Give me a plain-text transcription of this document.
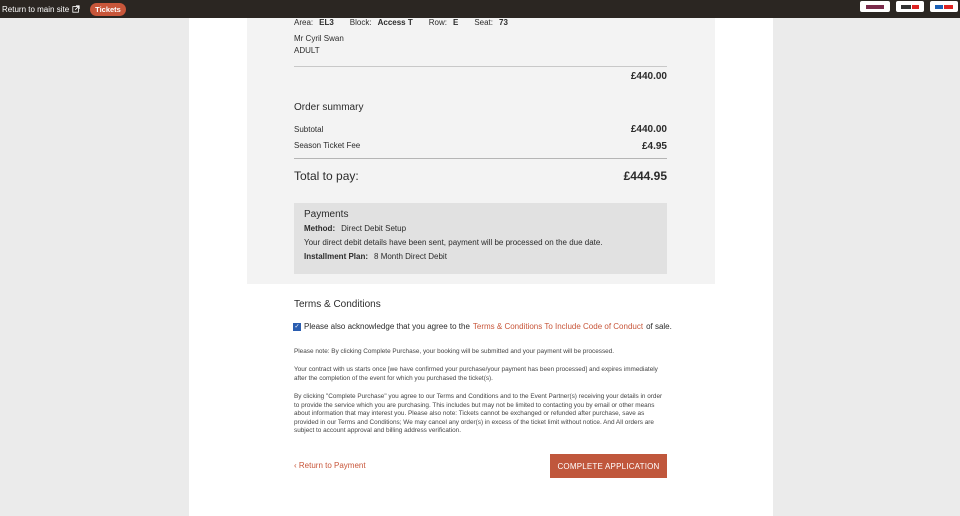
Return to main site	Tickets
Area: EL3 Block: Access T Row: E Seat: 73
Mr Cyril Swan
ADULT
£440.00
Order summary
Subtotal	£440.00
Season Ticket Fee	£4.95
Total to pay:	£444.95
Payments
Method: Direct Debit Setup
Your direct debit details have been sent, payment will be processed on the due date.
Installment Plan: 8 Month Direct Debit
Terms & Conditions
✓ Please also acknowledge that you agree to the Terms & Conditions To Include Code of Conduct of sale.
Please note: By clicking Complete Purchase, your booking will be submitted and your payment will be processed.
Your contract with us starts once [we have confirmed your purchase/your payment has been processed] and expires immediately after the completion of the event for which you purchased the ticket(s).
By clicking "Complete Purchase" you agree to our Terms and Conditions and to the Event Partner(s) receiving your details in order to provide the service which you are purchasing. This includes but may not be limited to contacting you by email or other means about information that may interest you. Please also note: Tickets cannot be exchanged or refunded after purchase, save as provided in our Terms and Conditions; We may cancel any order(s) in excess of the ticket limit without notice. And All orders are subject to account approval and billing address verification.
‹ Return to Payment	COMPLETE APPLICATION
